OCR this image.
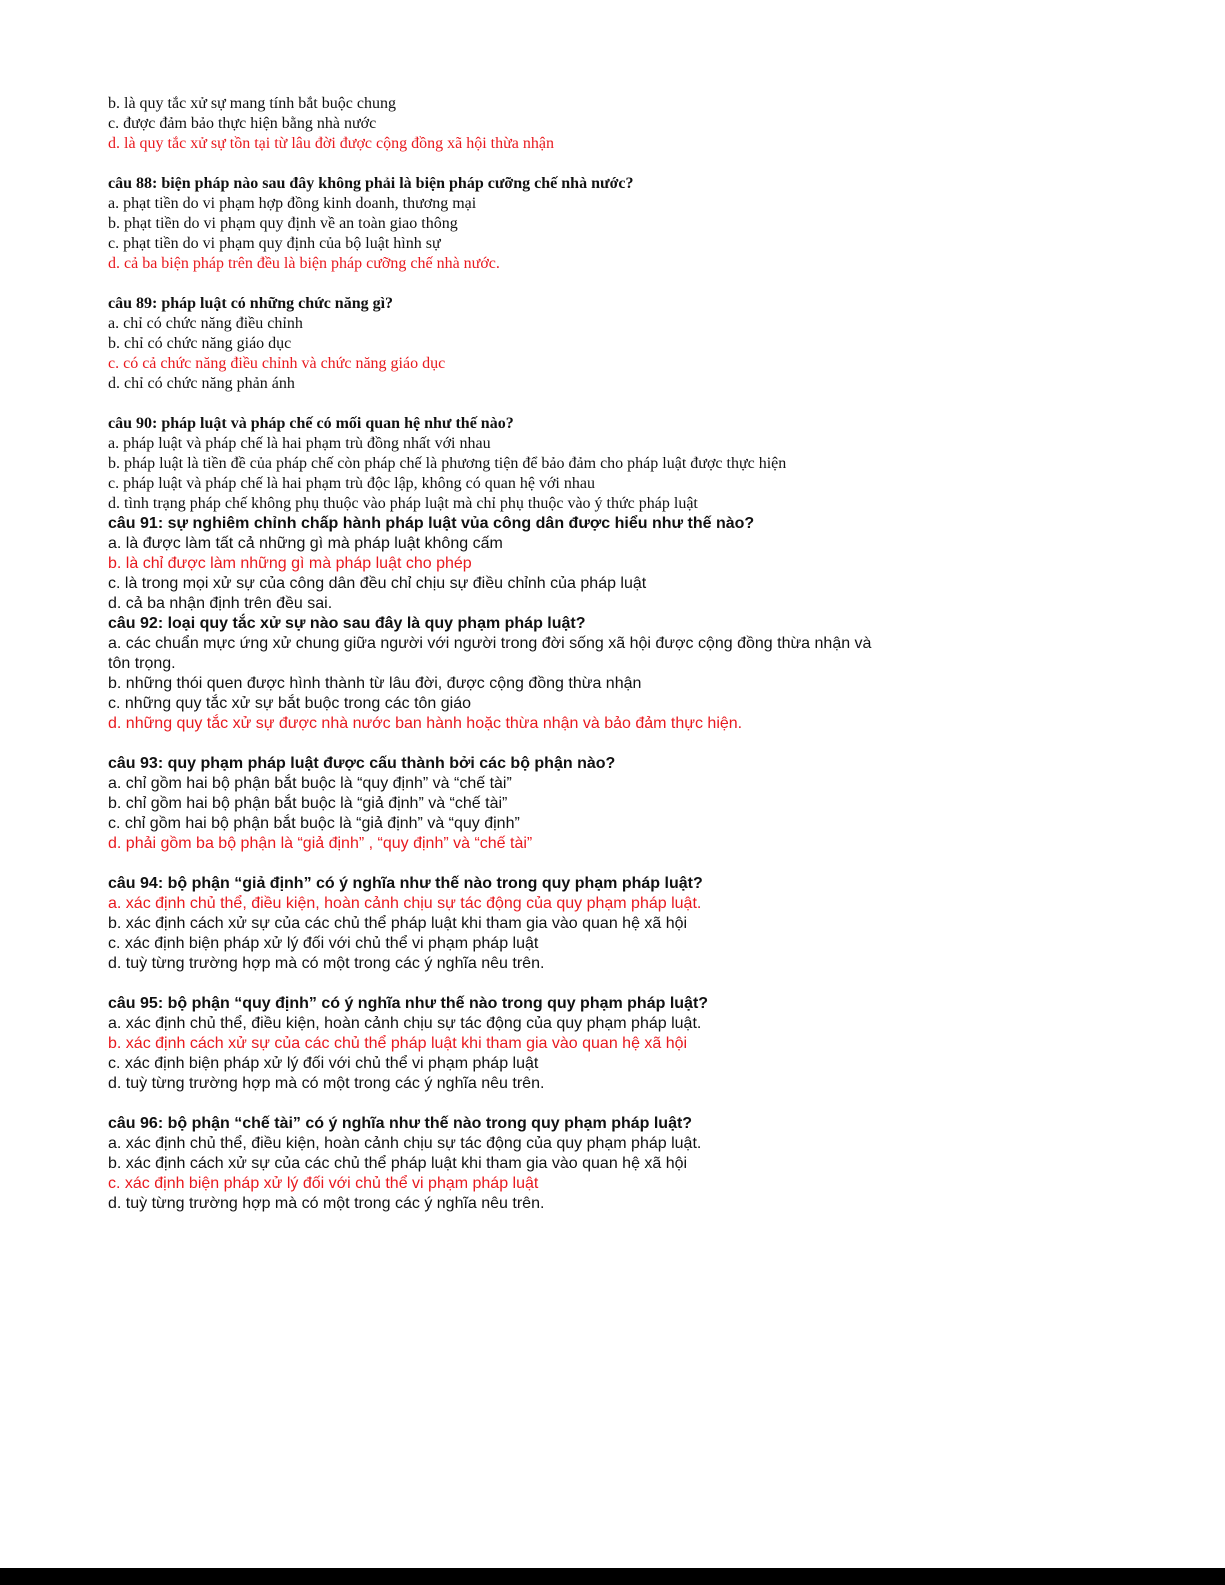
b. là quy tắc xử sự mang tính bắt buộc chung
c. được đảm bảo thực hiện bằng nhà nước
d. là quy tắc xử sự tồn tại từ lâu đời được cộng đồng xã hội thừa nhận
câu 88: biện pháp nào sau đây không phải là biện pháp cưỡng chế nhà nước?
a. phạt tiền do vi phạm hợp đồng kinh doanh, thương mại
b. phạt tiền do vi phạm quy định về an toàn giao thông
c. phạt tiền do vi phạm quy định của bộ luật hình sự
d. cả ba biện pháp trên đều là biện pháp cưỡng chế nhà nước.
câu 89: pháp luật có những chức năng gì?
a. chỉ có chức năng điều chỉnh
b. chỉ có chức năng giáo dục
c. có cả chức năng điều chỉnh và chức năng giáo dục
d. chỉ có chức năng phản ánh
câu 90: pháp luật và pháp chế có mối quan hệ như thế nào?
a. pháp luật và pháp chế là hai phạm trù đồng nhất với nhau
b. pháp luật là tiền đề của pháp chế còn pháp chế là phương tiện để bảo đảm cho pháp luật được thực hiện
c. pháp luật và pháp chế là hai phạm trù độc lập, không có quan hệ với nhau
d. tình trạng pháp chế không phụ thuộc vào pháp luật mà chỉ phụ thuộc vào ý thức pháp luật
câu 91: sự nghiêm chỉnh chấp hành pháp luật vủa công dân được hiểu như thế nào?
a. là được làm tất cả những gì mà pháp luật không cấm
b. là chỉ được làm những gì mà pháp luật cho phép
c. là trong mọi xử sự của công dân đều chỉ chịu sự điều chỉnh của pháp luật
d. cả ba nhận định trên đều sai.
câu 92: loại quy tắc xử sự nào sau đây là quy phạm pháp luật?
a. các chuẩn mực ứng xử chung giữa người với người trong đời sống xã hội được cộng đồng thừa nhận và tôn trọng.
b. những thói quen được hình thành từ lâu đời, được cộng đồng thừa nhận
c. những quy tắc xử sự bắt buộc trong các tôn giáo
d. những quy tắc xử sự được nhà nước ban hành hoặc thừa nhận và bảo đảm thực hiện.
câu 93: quy phạm pháp luật được cấu thành bởi các bộ phận nào?
a. chỉ gồm hai bộ phận bắt buộc là “quy định” và “chế tài”
b. chỉ gồm hai bộ phận bắt buộc là “giả định” và “chế tài”
c. chỉ gồm hai bộ phận bắt buộc là “giả định” và “quy định”
d. phải gồm ba bộ phận là “giả định” , “quy định” và “chế tài”
câu 94: bộ phận “giả định” có ý nghĩa như thế nào trong quy phạm pháp luật?
a. xác định chủ thể, điều kiện, hoàn cảnh chịu sự tác động của quy phạm pháp luật.
b. xác định cách xử sự của các chủ thể pháp luật khi tham gia vào quan hệ xã hội
c. xác định biện pháp xử lý đối với chủ thể vi phạm pháp luật
d. tuỳ từng trường hợp mà có một trong các ý nghĩa nêu trên.
câu 95: bộ phận “quy định” có ý nghĩa như thế nào trong quy phạm pháp luật?
a. xác định chủ thể, điều kiện, hoàn cảnh chịu sự tác động của quy phạm pháp luật.
b. xác định cách xử sự của các chủ thể pháp luật khi tham gia vào quan hệ xã hội
c. xác định biện pháp xử lý đối với chủ thể vi phạm pháp luật
d. tuỳ từng trường hợp mà có một trong các ý nghĩa nêu trên.
câu 96: bộ phận “chế tài” có ý nghĩa như thế nào trong quy phạm pháp luật?
a. xác định chủ thể, điều kiện, hoàn cảnh chịu sự tác động của quy phạm pháp luật.
b. xác định cách xử sự của các chủ thể pháp luật khi tham gia vào quan hệ xã hội
c. xác định biện pháp xử lý đối với chủ thể vi phạm pháp luật
d. tuỳ từng trường hợp mà có một trong các ý nghĩa nêu trên.
